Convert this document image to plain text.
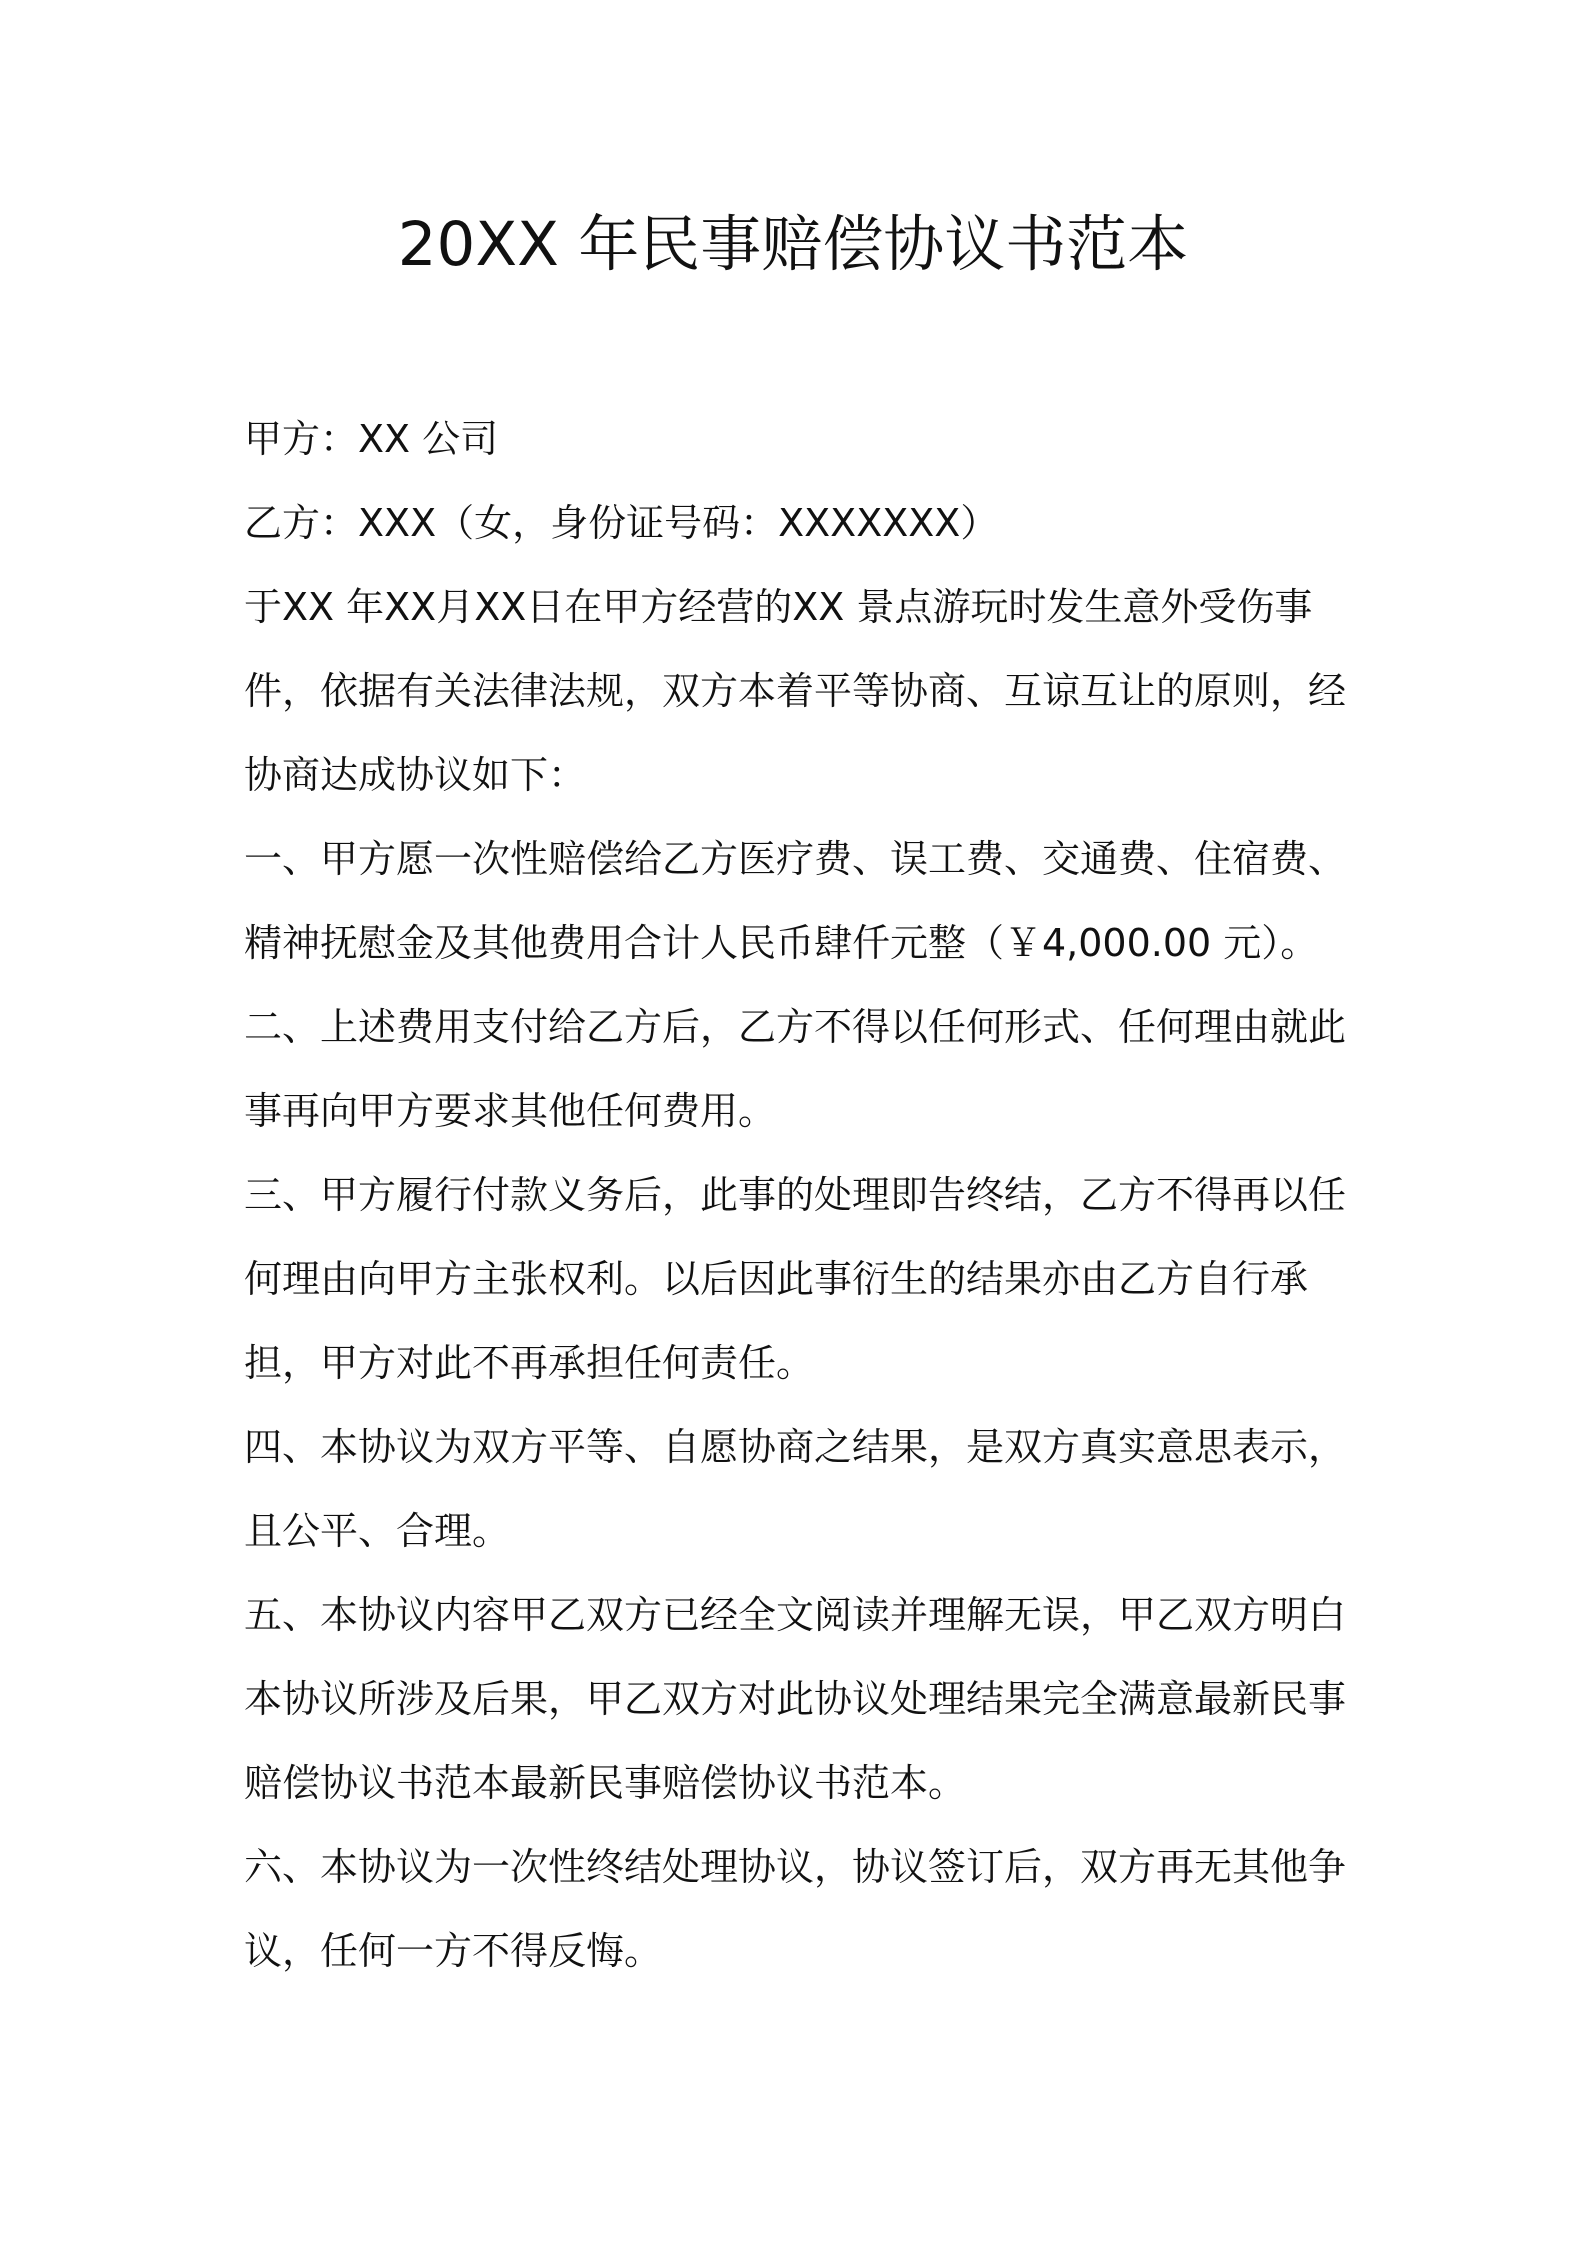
20XX 年民事赔偿协议书范本

甲方：XX 公司

乙方：XXX（女，身份证号码：XXXXXXX）

于XX 年XX月XX日在甲方经营的XX 景点游玩时发生意外受伤事件，依据有关法律法规，双方本着平等协商、互谅互让的原则，经协商达成协议如下：

一、甲方愿一次性赔偿给乙方医疗费、误工费、交通费、住宿费、精神抚慰金及其他费用合计人民币肆仟元整（￥4,000.00 元）。

二、上述费用支付给乙方后，乙方不得以任何形式、任何理由就此事再向甲方要求其他任何费用。

三、甲方履行付款义务后，此事的处理即告终结，乙方不得再以任何理由向甲方主张权利。以后因此事衍生的结果亦由乙方自行承担，甲方对此不再承担任何责任。

四、本协议为双方平等、自愿协商之结果，是双方真实意思表示，且公平、合理。

五、本协议内容甲乙双方已经全文阅读并理解无误，甲乙双方明白本协议所涉及后果，甲乙双方对此协议处理结果完全满意最新民事赔偿协议书范本最新民事赔偿协议书范本。

六、本协议为一次性终结处理协议，协议签订后，双方再无其他争议，任何一方不得反悔。
